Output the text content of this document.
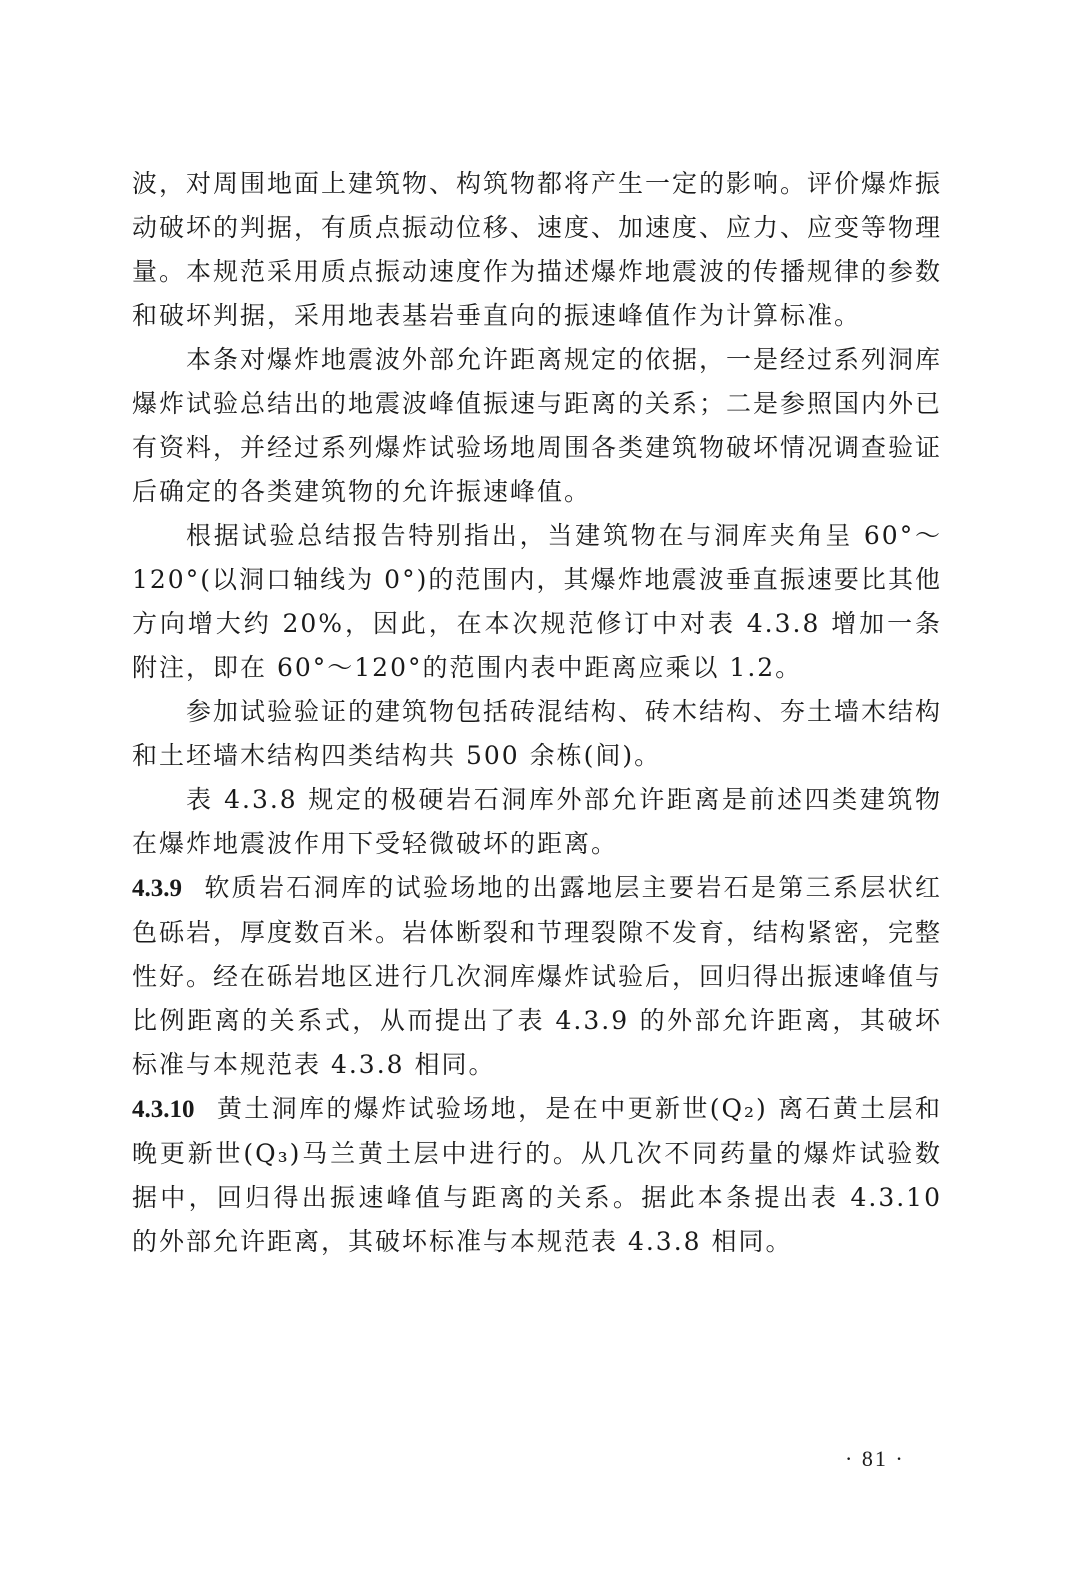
波，对周围地面上建筑物、构筑物都将产生一定的影响。评价爆炸振动破坏的判据，有质点振动位移、速度、加速度、应力、应变等物理量。本规范采用质点振动速度作为描述爆炸地震波的传播规律的参数和破坏判据，采用地表基岩垂直向的振速峰值作为计算标准。

本条对爆炸地震波外部允许距离规定的依据，一是经过系列洞库爆炸试验总结出的地震波峰值振速与距离的关系；二是参照国内外已有资料，并经过系列爆炸试验场地周围各类建筑物破坏情况调查验证后确定的各类建筑物的允许振速峰值。

根据试验总结报告特别指出，当建筑物在与洞库夹角呈 60°～120°(以洞口轴线为 0°)的范围内，其爆炸地震波垂直振速要比其他方向增大约 20%，因此，在本次规范修订中对表 4.3.8 增加一条附注，即在 60°～120°的范围内表中距离应乘以 1.2。

参加试验验证的建筑物包括砖混结构、砖木结构、夯土墙木结构和土坯墙木结构四类结构共 500 余栋(间)。

表 4.3.8 规定的极硬岩石洞库外部允许距离是前述四类建筑物在爆炸地震波作用下受轻微破坏的距离。

4.3.9 软质岩石洞库的试验场地的出露地层主要岩石是第三系层状红色砾岩，厚度数百米。岩体断裂和节理裂隙不发育，结构紧密，完整性好。经在砾岩地区进行几次洞库爆炸试验后，回归得出振速峰值与比例距离的关系式，从而提出了表 4.3.9 的外部允许距离，其破坏标准与本规范表 4.3.8 相同。

4.3.10 黄土洞库的爆炸试验场地，是在中更新世(Q₂) 离石黄土层和晚更新世(Q₃)马兰黄土层中进行的。从几次不同药量的爆炸试验数据中，回归得出振速峰值与距离的关系。据此本条提出表 4.3.10 的外部允许距离，其破坏标准与本规范表 4.3.8 相同。

· 81 ·
